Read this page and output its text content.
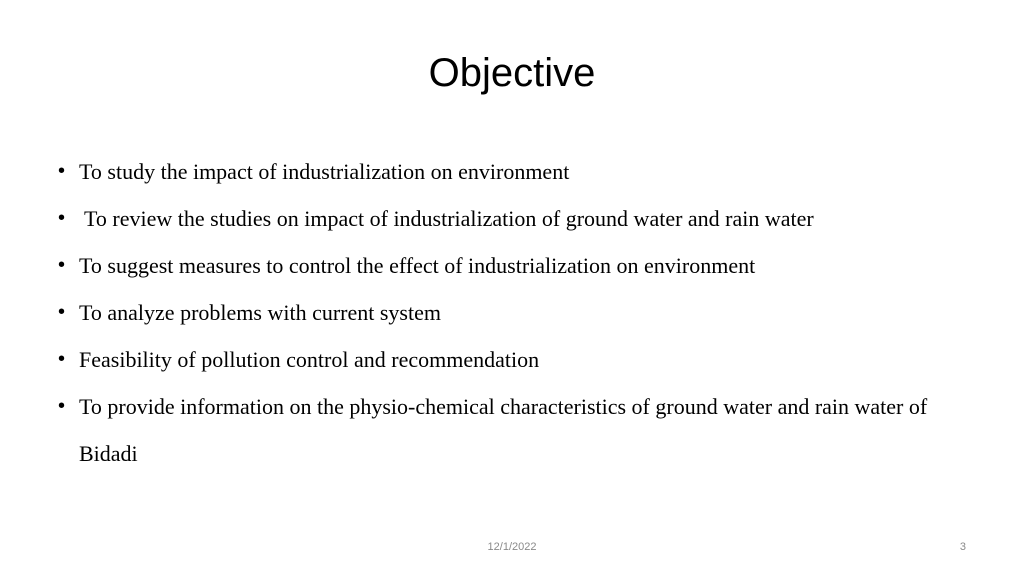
Objective
• To study the impact of industrialization on environment
• To review the studies on impact of industrialization of ground water and rain water
• To suggest measures to control the effect of industrialization on environment
• To analyze problems with current system
• Feasibility of pollution control and recommendation
• To provide information on the physio-chemical characteristics of ground water and rain water of Bidadi
12/1/2022	3
